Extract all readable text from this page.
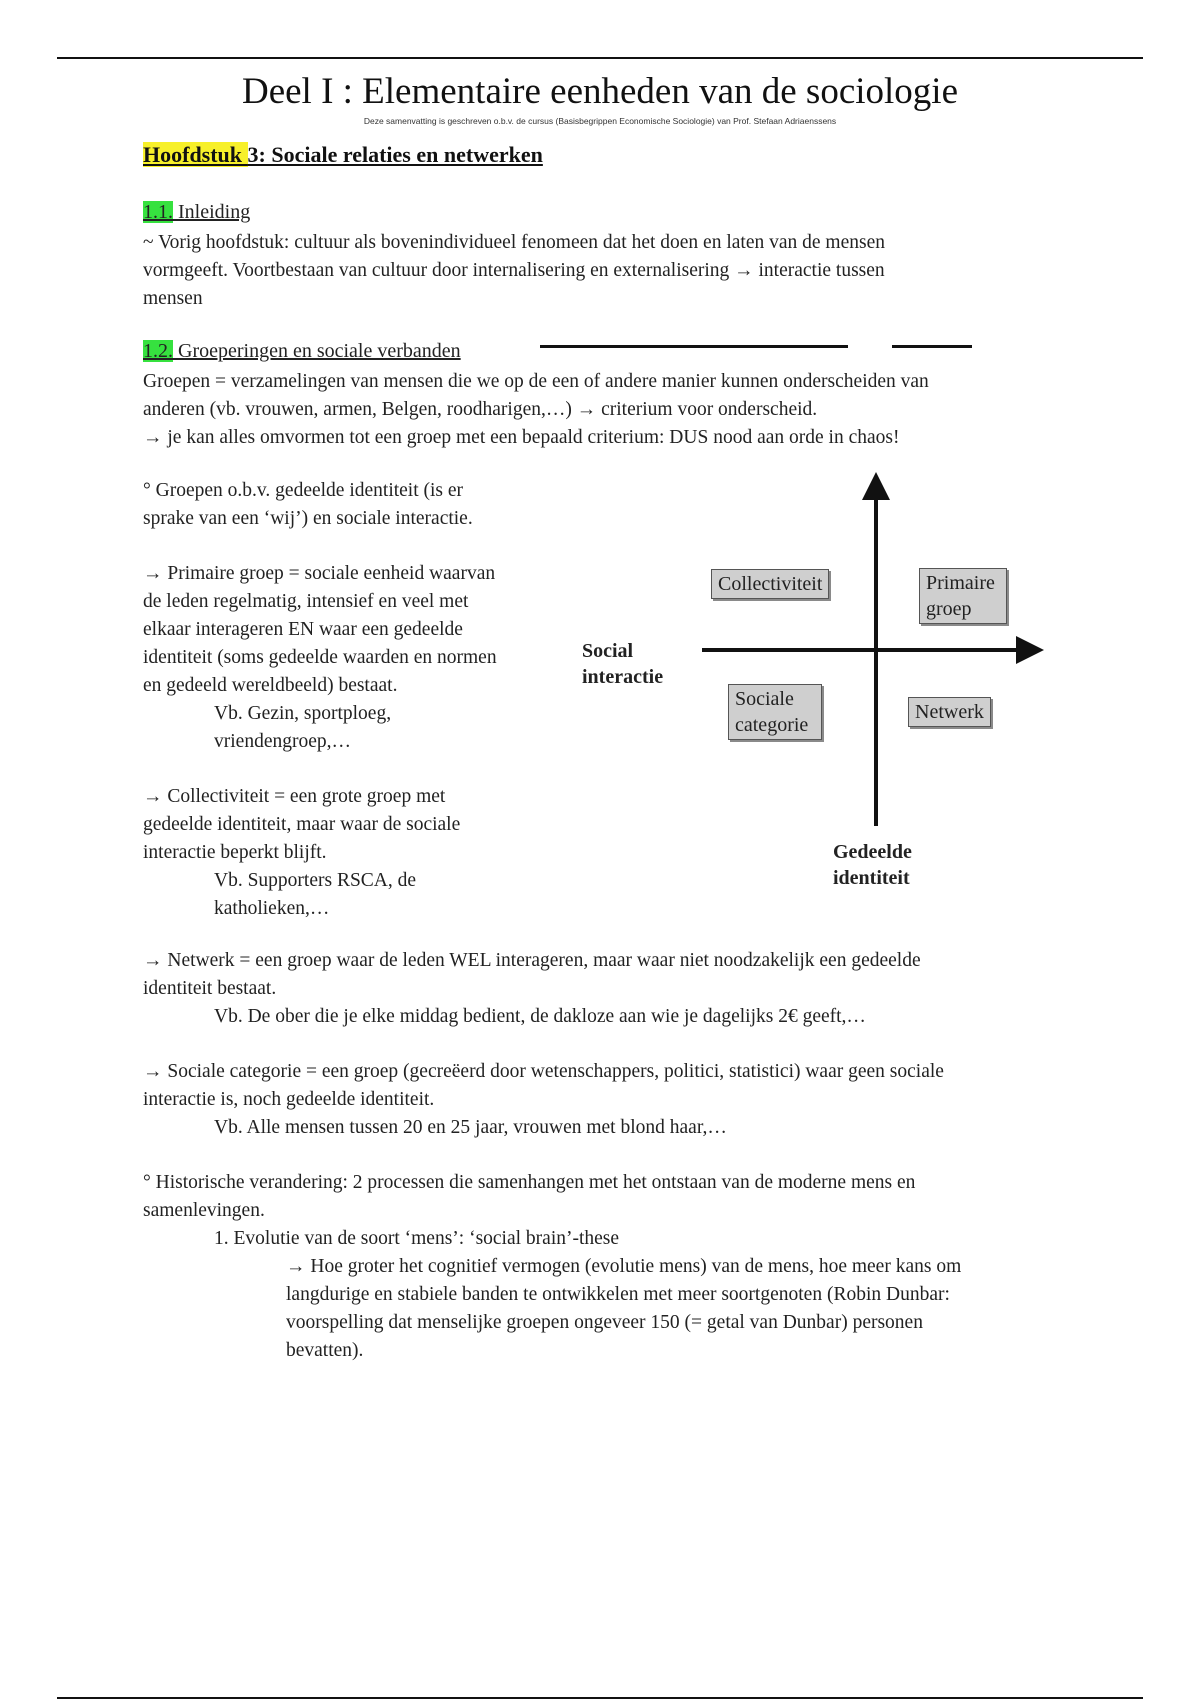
Deel I : Elementaire eenheden van de sociologie
Deze samenvatting is geschreven o.b.v. de cursus (Basisbegrippen Economische Sociologie) van Prof. Stefaan Adriaenssens
Hoofdstuk 3: Sociale relaties en netwerken
1.1. Inleiding
~ Vorig hoofdstuk: cultuur als bovenindividueel fenomeen dat het doen en laten van de mensen
vormgeeft. Voortbestaan van cultuur door internalisering en externalisering → interactie tussen
mensen
1.2. Groeperingen en sociale verbanden
Groepen = verzamelingen van mensen die we op de een of andere manier kunnen onderscheiden van
anderen (vb. vrouwen, armen, Belgen, roodharigen,…) → criterium voor onderscheid.
→ je kan alles omvormen tot een groep met een bepaald criterium: DUS nood aan orde in chaos!
° Groepen o.b.v. gedeelde identiteit (is er
sprake van een ‘wij’) en sociale interactie.
→ Primaire groep = sociale eenheid waarvan
de leden regelmatig, intensief en veel met
elkaar interageren EN waar een gedeelde
identiteit (soms gedeelde waarden en normen
en gedeeld wereldbeeld) bestaat.
Vb. Gezin, sportploeg,
vriendengroep,…
→ Collectiviteit = een grote groep met
gedeelde identiteit, maar waar de sociale
interactie beperkt blijft.
Vb. Supporters RSCA, de
katholieken,…
Social
interactie
Gedeelde
identiteit
Collectiviteit	Primaire
groep
Sociale
categorie
Netwerk
→ Netwerk = een groep waar de leden WEL interageren, maar waar niet noodzakelijk een gedeelde
identiteit bestaat.
Vb. De ober die je elke middag bedient, de dakloze aan wie je dagelijks 2€ geeft,…
→ Sociale categorie = een groep (gecreëerd door wetenschappers, politici, statistici) waar geen sociale
interactie is, noch gedeelde identiteit.
Vb. Alle mensen tussen 20 en 25 jaar, vrouwen met blond haar,…
° Historische verandering: 2 processen die samenhangen met het ontstaan van de moderne mens en
samenlevingen.
1. Evolutie van de soort ‘mens’: ‘social brain’-these
→ Hoe groter het cognitief vermogen (evolutie mens) van de mens, hoe meer kans om
langdurige en stabiele banden te ontwikkelen met meer soortgenoten (Robin Dunbar:
voorspelling dat menselijke groepen ongeveer 150 (= getal van Dunbar) personen
bevatten).
